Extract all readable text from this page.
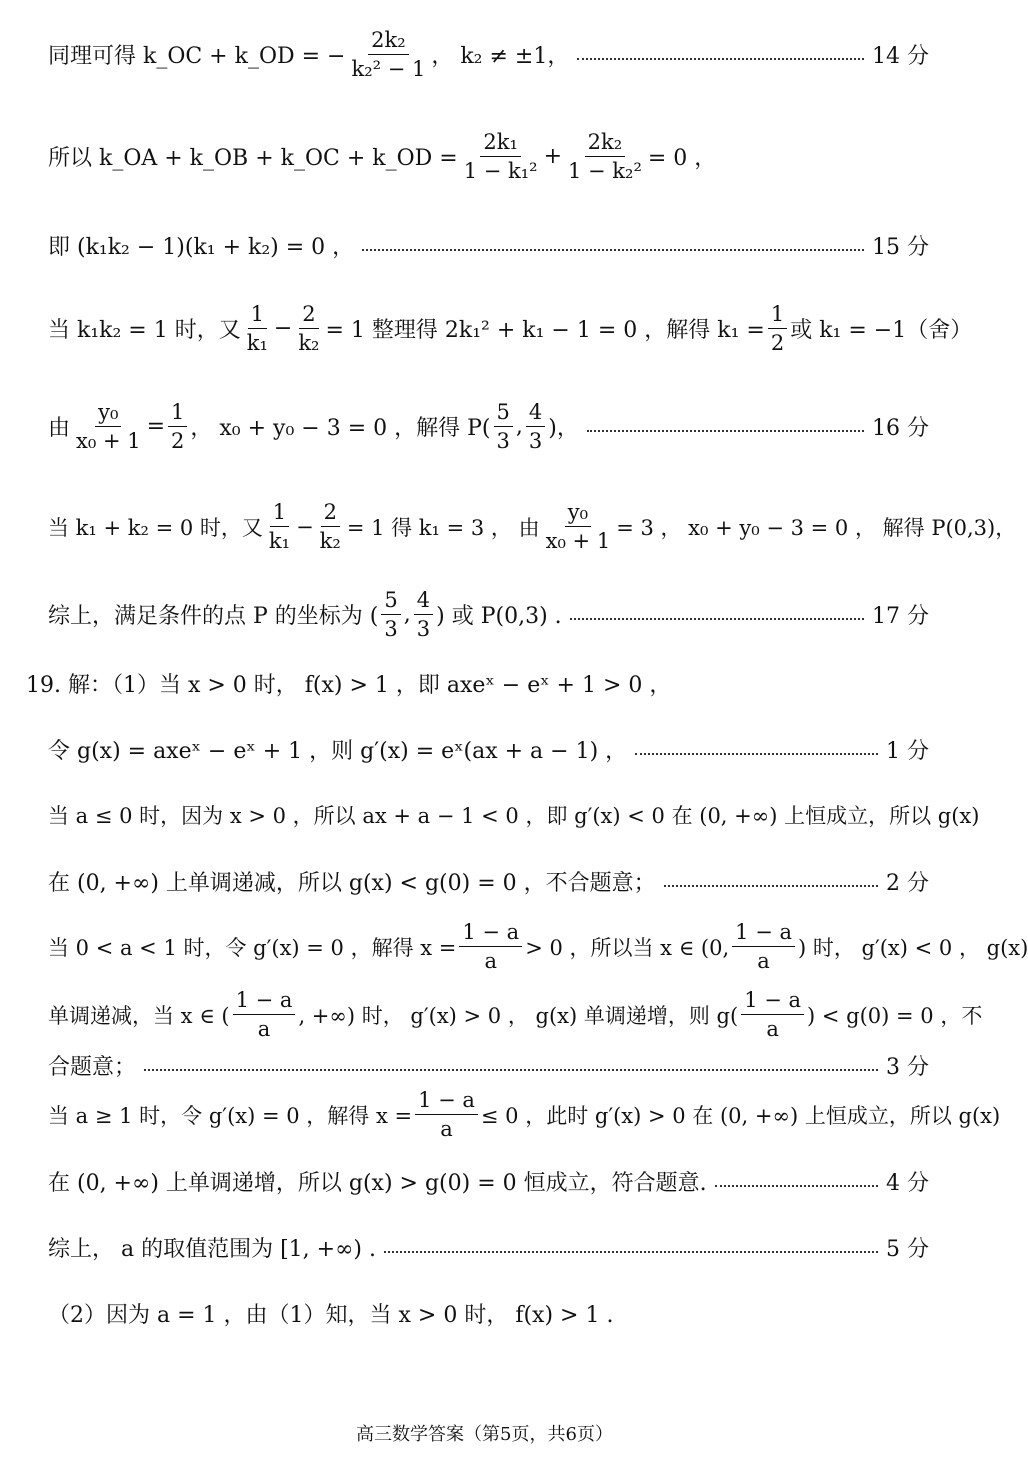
同理可得 k_OC + k_OD = − $\frac{\text{2k₂}}{\text{k₂² − 1}}$ ， k₂ ≠ ±1，	14 分
所以 k_OA + k_OB + k_OC + k_OD = $\frac{\text{2k₁}}{\text{1 − k₁²}} + \frac{\text{2k₂}}{\text{1 − k₂²}} = 0$ ，
即 (k₁k₂ − 1)(k₁ + k₂) = 0 ，	15 分
当 k₁k₂ = 1 时，又 $\frac{1}{\text{k₁}} - \frac{2}{\text{k₂}} = 1$ 整理得 2k₁² + k₁ − 1 = 0 ，解得 $k_1 = \frac{1}{2}$ 或 k₁ = −1（舍）
由 $\frac{\text{y₀}}{\text{x₀ + 1}} = \frac{1}{2}$ ， x₀ + y₀ − 3 = 0 ，解得 $P( \frac{5}{3}$ , $\frac{4}{3}$ )，	16 分
当 k₁ + k₂ = 0 时，又 $\frac{1}{\text{k₁}} - \frac{2}{\text{k₂}} = 1$ 得 k₁ = 3 ， 由 $\frac{\text{y₀}}{\text{x₀ + 1}} = 3$ ， x₀ + y₀ − 3 = 0 ， 解得 P(0,3)，
综上，满足条件的点 P 的坐标为 ( $\frac{5}{3}$ , $\frac{4}{3}$ ) 或 P(0,3) .	17 分
19. 解：（1）当 x > 0 时， f(x) > 1 ，即 axeˣ − eˣ + 1 > 0 ，
令 g(x) = axeˣ − eˣ + 1 ，则 g′(x) = eˣ(ax + a − 1) ，	1 分
当 a ≤ 0 时，因为 x > 0 ，所以 ax + a − 1 < 0 ，即 g′(x) < 0 在 (0, +∞) 上恒成立，所以 g(x)
在 (0, +∞) 上单调递减，所以 g(x) < g(0) = 0 ，不合题意；	2 分
当 0 < a < 1 时，令 g′(x) = 0 ，解得 $x = \frac{1 - a}{a} > 0$ ，所以当 x ∈ (0, $\frac{1 - a}{a}$ ) 时， g′(x) < 0 ， g(x)
单调递减，当 x ∈ ( $\frac{1 - a}{a}$ , +∞) 时， g′(x) > 0 ， g(x) 单调递增，则 $g( \frac{1 - a}{a}$ ) < g(0) = 0 ，不
合题意；	3 分
当 a ≥ 1 时，令 g′(x) = 0 ，解得 $x = \frac{1 - a}{a} \le 0$ ，此时 g′(x) > 0 在 (0, +∞) 上恒成立，所以 g(x)
在 (0, +∞) 上单调递增，所以 g(x) > g(0) = 0 恒成立，符合题意.	4 分
综上， a 的取值范围为 [1, +∞) .	5 分
（2）因为 a = 1 ，由（1）知，当 x > 0 时， f(x) > 1 .
高三数学答案（第5页，共6页）
